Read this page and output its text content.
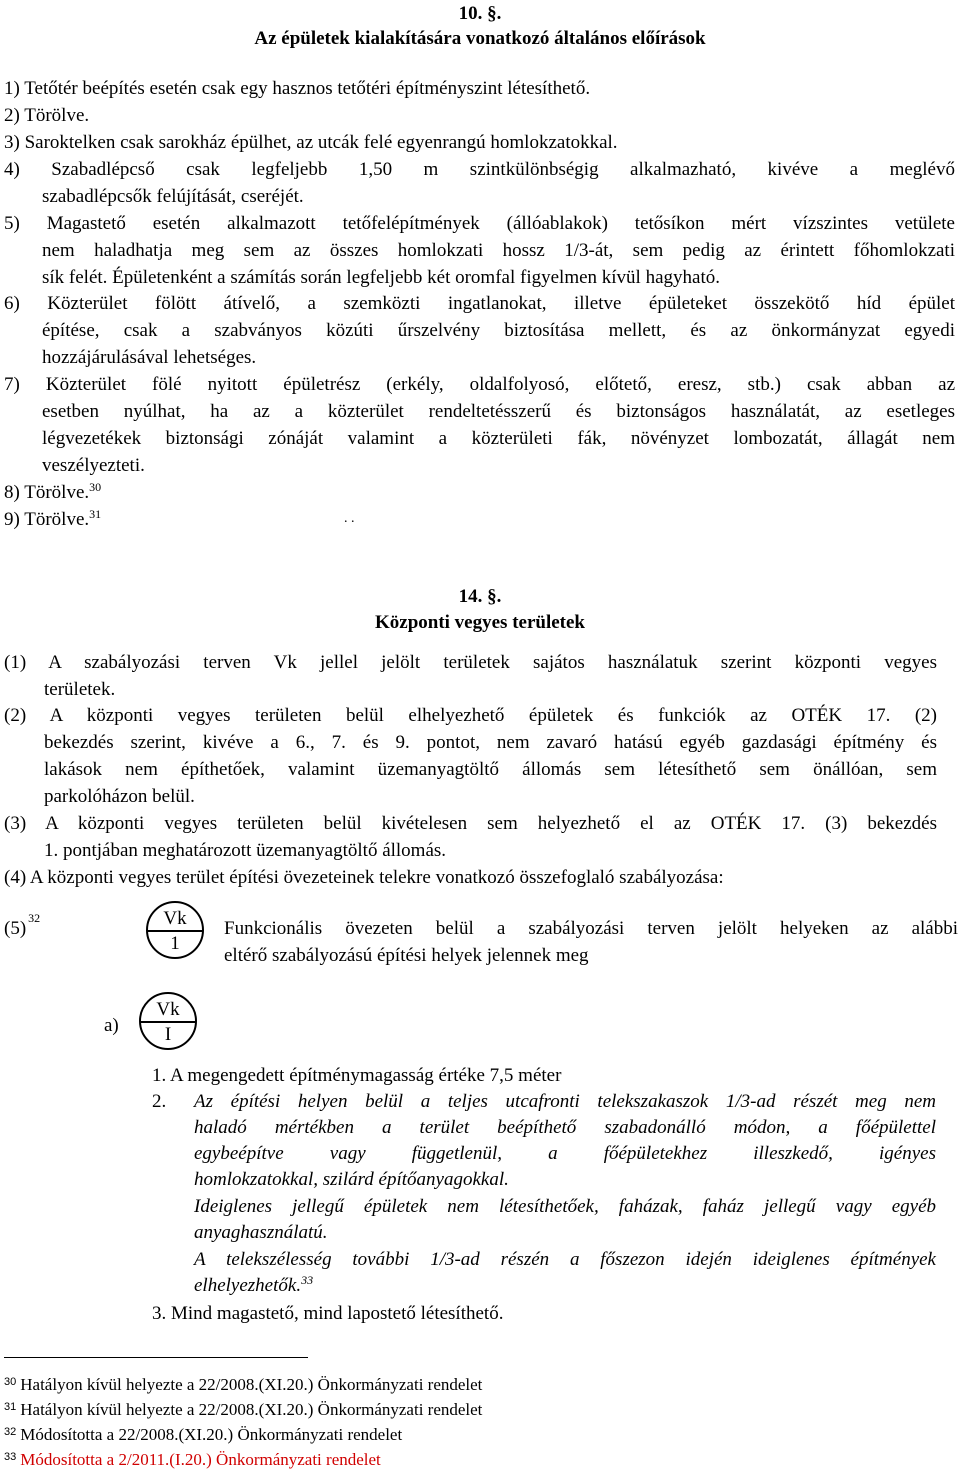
10. §.
Az épületek kialakítására vonatkozó általános előírások
1) Tetőtér beépítés esetén csak egy hasznos tetőtéri építményszint létesíthető.
2) Törölve.
3) Saroktelken csak sarokház épülhet, az utcák felé egyenrangú homlokzatokkal.
4) Szabadlépcső csak legfeljebb 1,50 m szintkülönbségig alkalmazható, kivéve a meglévő
szabadlépcsők felújítását, cseréjét.
5) Magastető esetén alkalmazott tetőfelépítmények (állóablakok) tetősíkon mért vízszintes vetülete
nem haladhatja meg sem az összes homlokzati hossz 1/3-át, sem pedig az érintett főhomlokzati
sík felét. Épületenként a számítás során legfeljebb két oromfal figyelmen kívül hagyható.
6) Közterület fölött átívelő, a szemközti ingatlanokat, illetve épületeket összekötő híd épület
építése, csak a szabványos közúti űrszelvény biztosítása mellett, és az önkormányzat egyedi
hozzájárulásával lehetséges.
7) Közterület fölé nyitott épületrész (erkély, oldalfolyosó, előtető, eresz, stb.) csak abban az
esetben nyúlhat, ha az a közterület rendeltetésszerű és biztonságos használatát, az esetleges
légvezetékek biztonsági zónáját valamint a közterületi fák, növényzet lombozatát, állagát nem
veszélyezteti.
8) Törölve.$^{30}$
9) Törölve.$^{31}$	. .
14. §.
Központi vegyes területek
(1) A szabályozási terven Vk jellel jelölt területek sajátos használatuk szerint központi vegyes
területek.
(2) A központi vegyes területen belül elhelyezhető épületek és funkciók az OTÉK 17. (2)
bekezdés szerint, kivéve a 6., 7. és 9. pontot, nem zavaró hatású egyéb gazdasági építmény és
lakások nem építhetőek, valamint üzemanyagtöltő állomás sem létesíthető sem önállóan, sem
parkolóházon belül.
(3) A központi vegyes területen belül kivételesen sem helyezhető el az OTÉK 17. (3) bekezdés
1. pontjában meghatározott üzemanyagtöltő állomás.
(4) A központi vegyes terület építési övezeteinek telekre vonatkozó összefoglaló szabályozása:
(5) $^{32}$	Vk
1
Funkcionális övezeten belül a szabályozási terven jelölt helyeken az alábbi
eltérő szabályozású építési helyek jelennek meg
a)
Vk
I
1. A megengedett építménymagasság értéke 7,5 méter
2. Az építési helyen belül a teljes utcafronti telekszakaszok 1/3-ad részét meg nem
haladó mértékben a terület beépíthető szabadonálló módon, a főépülettel
egybeépítve vagy függetlenül, a főépületekhez illeszkedő, igényes
homlokzatokkal, szilárd építőanyagokkal.
Ideiglenes jellegű épületek nem létesíthetőek, faházak, faház jellegű vagy egyéb
anyaghasználatú.
A telekszélesség további 1/3-ad részén a főszezon idején ideiglenes építmények
elhelyezhetők.$^{33}$
3. Mind magastető, mind lapostető létesíthető.
$^{30}$ Hatályon kívül helyezte a 22/2008.(XI.20.) Önkormányzati rendelet
$^{31}$ Hatályon kívül helyezte a 22/2008.(XI.20.) Önkormányzati rendelet
$^{32}$ Módosította a 22/2008.(XI.20.) Önkormányzati rendelet
$^{33}$ Módosította a 2/2011.(I.20.) Önkormányzati rendelet
